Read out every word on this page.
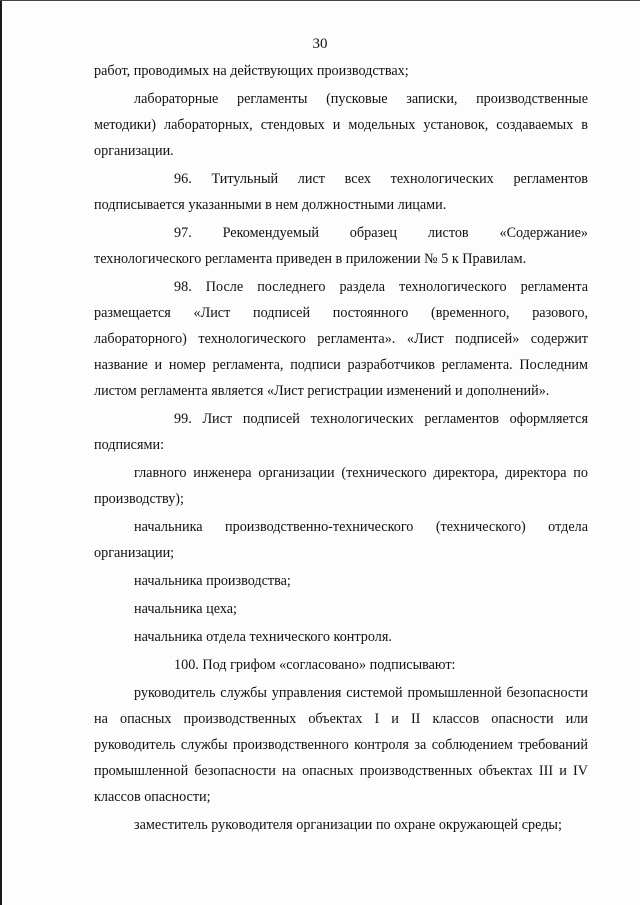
30

работ, проводимых на действующих производствах;

лабораторные регламенты (пусковые записки, производственные методики) лабораторных, стендовых и модельных установок, создаваемых в организации.

96. Титульный лист всех технологических регламентов подписывается указанными в нем должностными лицами.

97. Рекомендуемый образец листов «Содержание» технологического регламента приведен в приложении № 5 к Правилам.

98. После последнего раздела технологического регламента размещается «Лист подписей постоянного (временного, разового, лабораторного) технологического регламента». «Лист подписей» содержит название и номер регламента, подписи разработчиков регламента. Последним листом регламента является «Лист регистрации изменений и дополнений».

99. Лист подписей технологических регламентов оформляется подписями:

главного инженера организации (технического директора, директора по производству);

начальника производственно-технического (технического) отдела организации;

начальника производства;

начальника цеха;

начальника отдела технического контроля.

100. Под грифом «согласовано» подписывают:

руководитель службы управления системой промышленной безопасности на опасных производственных объектах I и II классов опасности или руководитель службы производственного контроля за соблюдением требований промышленной безопасности на опасных производственных объектах III и IV классов опасности;

заместитель руководителя организации по охране окружающей среды;
